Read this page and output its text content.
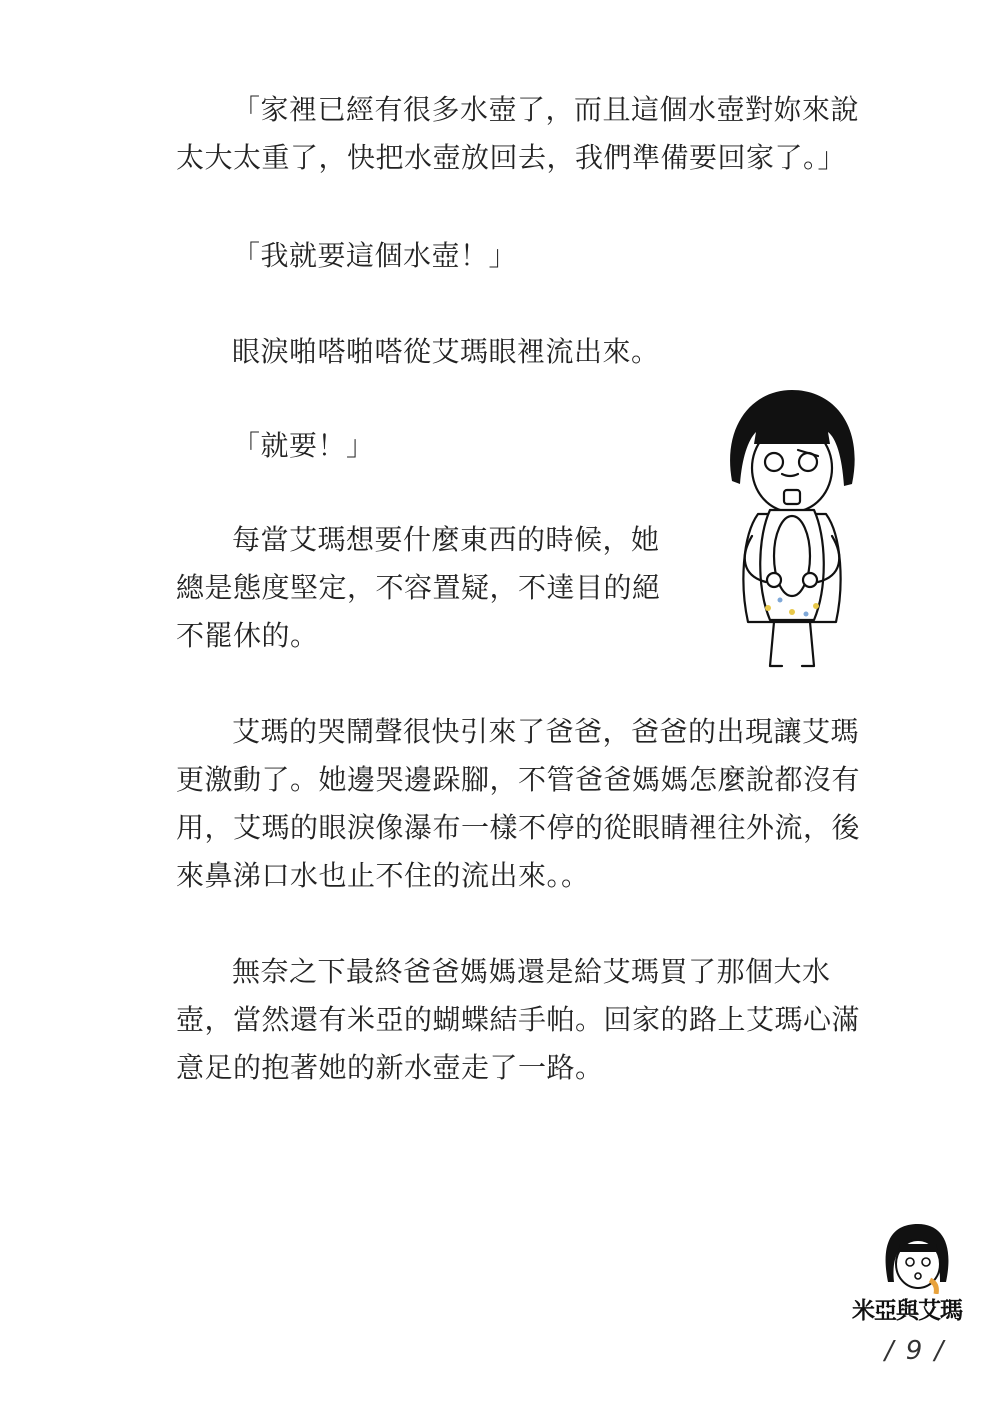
「家裡已經有很多水壺了，而且這個水壺對妳來說
太大太重了，快把水壺放回去，我們準備要回家了。」
「我就要這個水壺！」
眼淚啪嗒啪嗒從艾瑪眼裡流出來。
「就要！」
每當艾瑪想要什麼東西的時候，她
總是態度堅定，不容置疑，不達目的絕
不罷休的。
艾瑪的哭鬧聲很快引來了爸爸，爸爸的出現讓艾瑪
更激動了。她邊哭邊跺腳，不管爸爸媽媽怎麼說都沒有
用，艾瑪的眼淚像瀑布一樣不停的從眼睛裡往外流，後
來鼻涕口水也止不住的流出來。。
無奈之下最終爸爸媽媽還是給艾瑪買了那個大水
壺，當然還有米亞的蝴蝶結手帕。回家的路上艾瑪心滿
意足的抱著她的新水壺走了一路。
米亞與艾瑪
/ 9 /
